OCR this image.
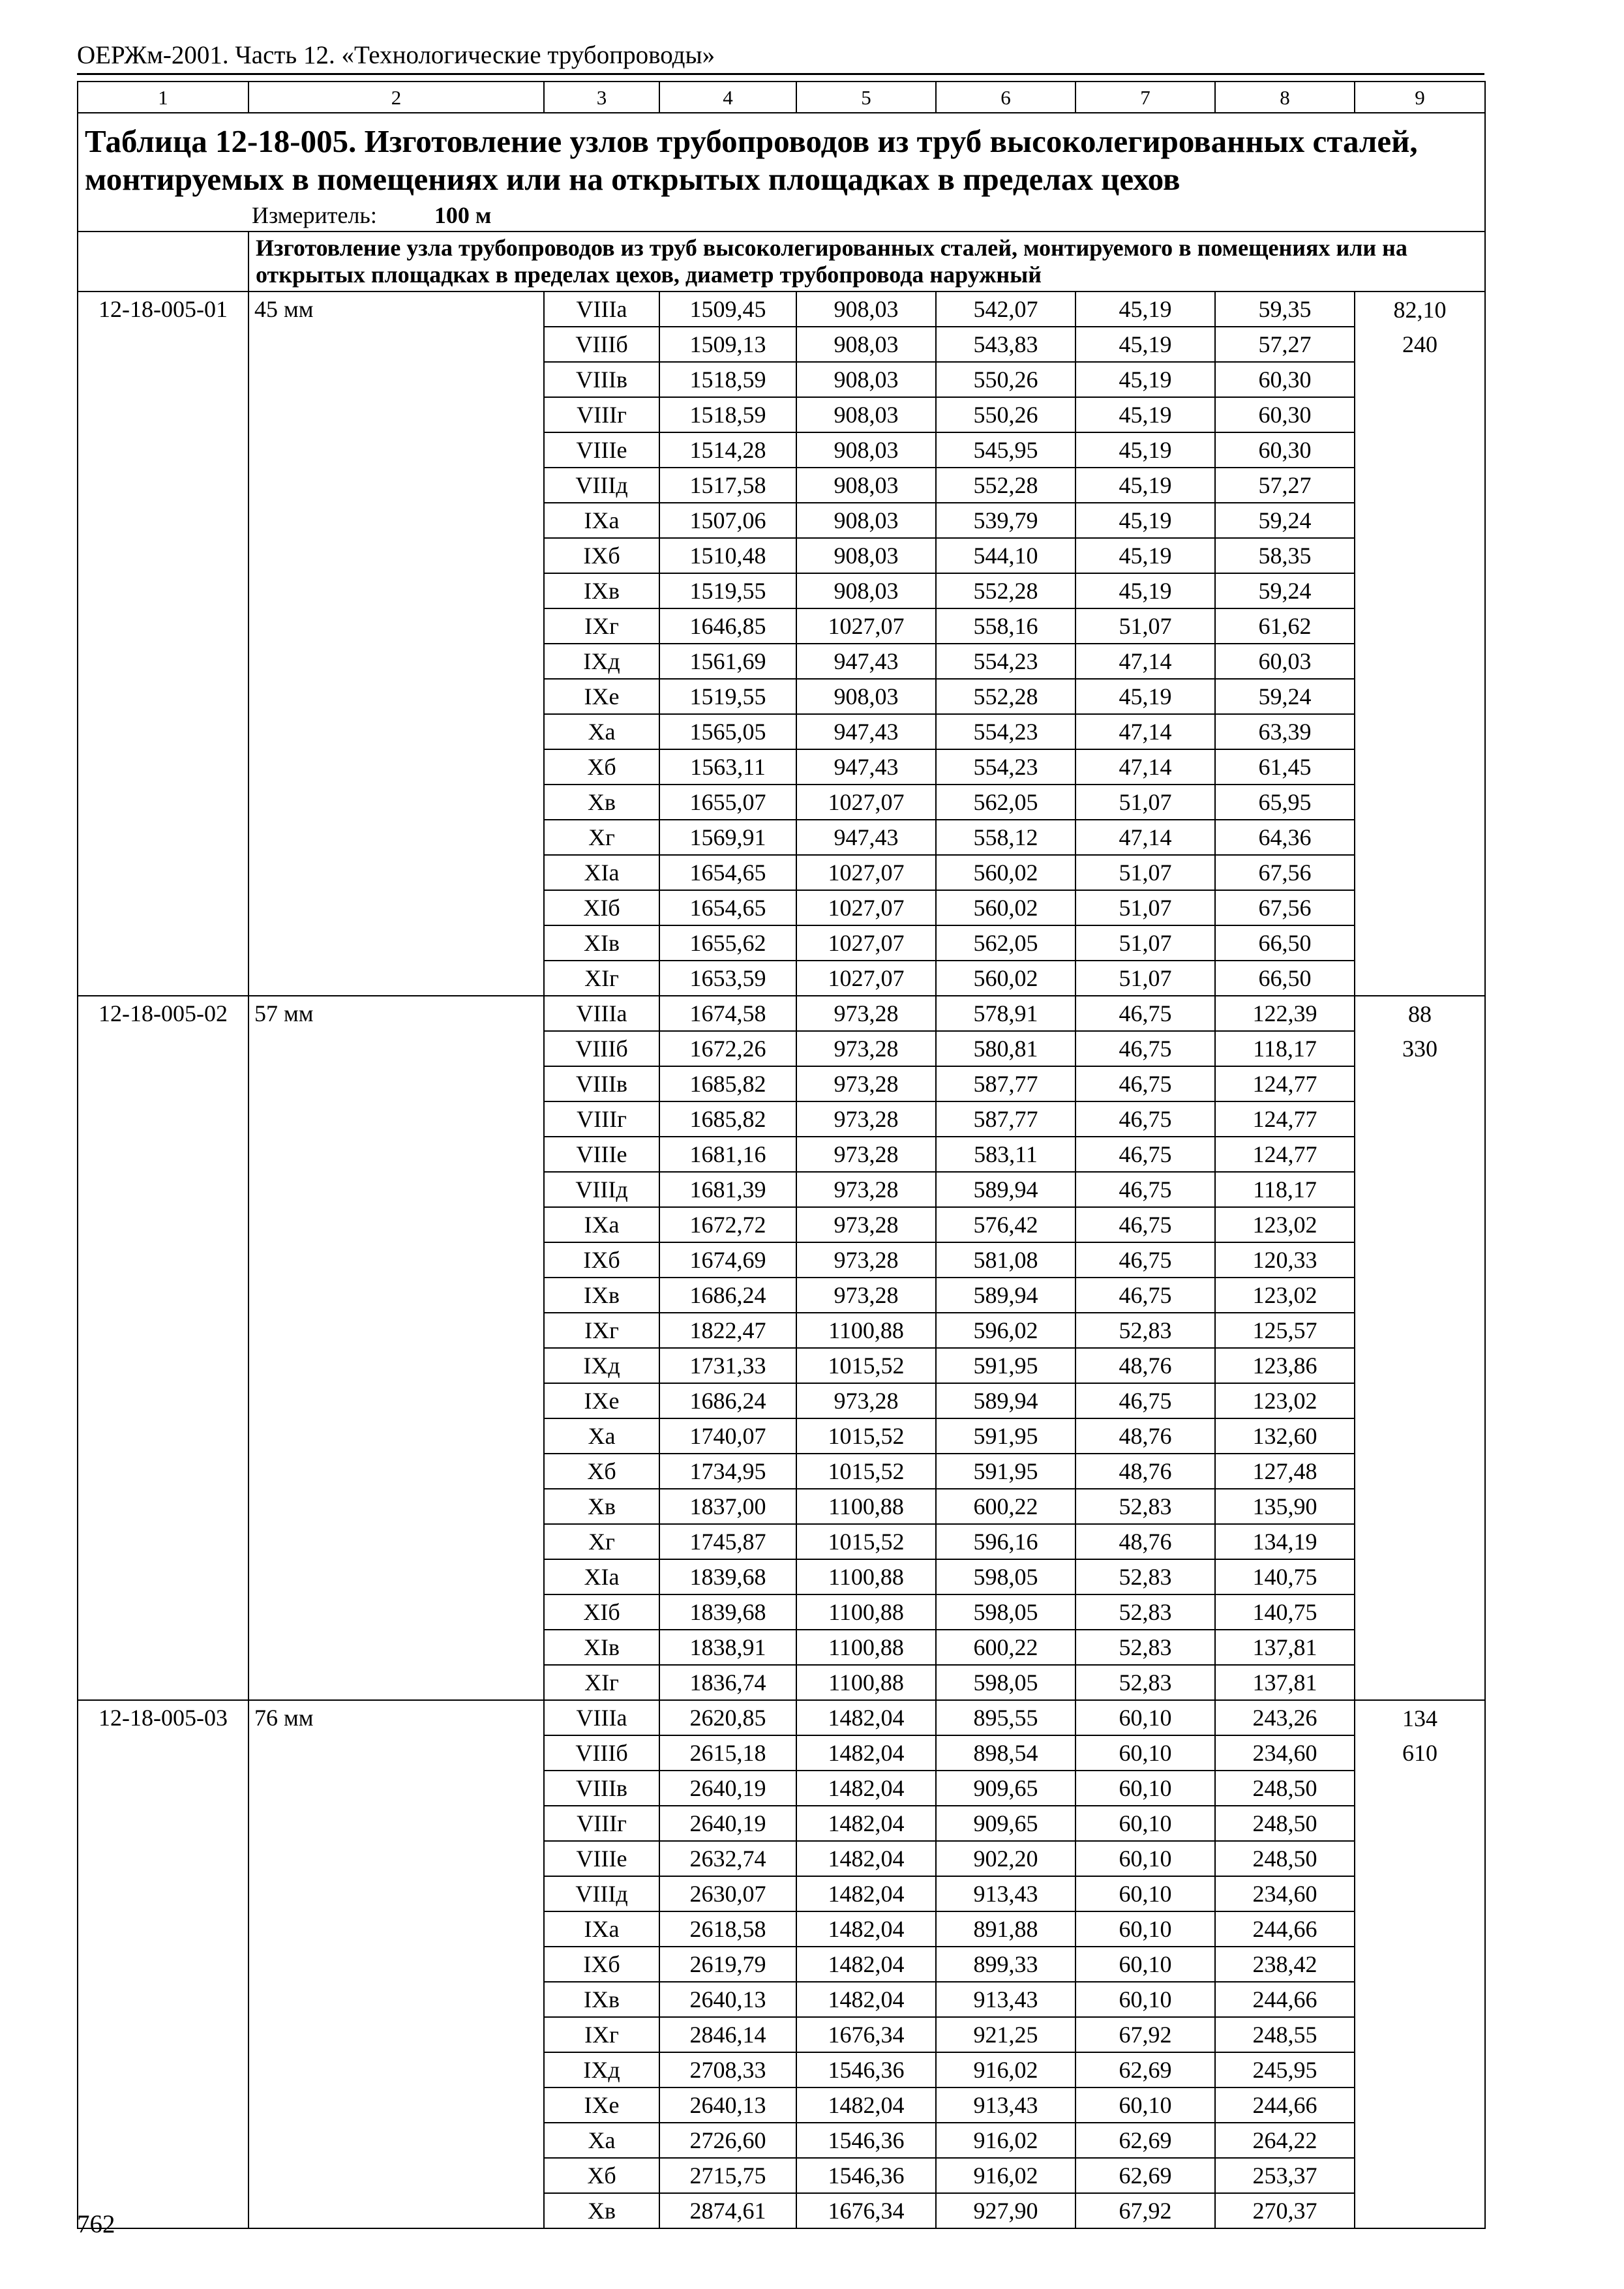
ОЕРЖм-2001. Часть 12. «Технологические трубопроводы»
1	2	3	4	5	6	7	8	9

Таблица 12-18-005. Изготовление узлов трубопроводов из труб высоколегированных сталей, монтируемых в помещениях или на открытых площадках в пределах цехов
Измеритель: 100 м								

	Изготовление узла трубопроводов из труб высоколегированных сталей, монтируемого в помещениях или на открытых площадках в пределах цехов, диаметр трубопровода наружный							
12-18-005-01	45 мм	VIIIа	1509,45	908,03	542,07	45,19	59,35	82,10
		VIIIб	1509,13	908,03	543,83	45,19	57,27	240
		VIIIв	1518,59	908,03	550,26	45,19	60,30	
		VIIIг	1518,59	908,03	550,26	45,19	60,30	
		VIIIе	1514,28	908,03	545,95	45,19	60,30	
		VIIIд	1517,58	908,03	552,28	45,19	57,27	
		IXа	1507,06	908,03	539,79	45,19	59,24	
		IXб	1510,48	908,03	544,10	45,19	58,35	
		IXв	1519,55	908,03	552,28	45,19	59,24	
		IXг	1646,85	1027,07	558,16	51,07	61,62	
		IXд	1561,69	947,43	554,23	47,14	60,03	
		IXе	1519,55	908,03	552,28	45,19	59,24	
		Xа	1565,05	947,43	554,23	47,14	63,39	
		Xб	1563,11	947,43	554,23	47,14	61,45	
		Xв	1655,07	1027,07	562,05	51,07	65,95	
		Xг	1569,91	947,43	558,12	47,14	64,36	
		XIа	1654,65	1027,07	560,02	51,07	67,56	
		XIб	1654,65	1027,07	560,02	51,07	67,56	
		XIв	1655,62	1027,07	562,05	51,07	66,50	
		XIг	1653,59	1027,07	560,02	51,07	66,50	
12-18-005-02	57 мм	VIIIа	1674,58	973,28	578,91	46,75	122,39	88
		VIIIб	1672,26	973,28	580,81	46,75	118,17	330
		VIIIв	1685,82	973,28	587,77	46,75	124,77	
		VIIIг	1685,82	973,28	587,77	46,75	124,77	
		VIIIе	1681,16	973,28	583,11	46,75	124,77	
		VIIIд	1681,39	973,28	589,94	46,75	118,17	
		IXа	1672,72	973,28	576,42	46,75	123,02	
		IXб	1674,69	973,28	581,08	46,75	120,33	
		IXв	1686,24	973,28	589,94	46,75	123,02	
		IXг	1822,47	1100,88	596,02	52,83	125,57	
		IXд	1731,33	1015,52	591,95	48,76	123,86	
		IXе	1686,24	973,28	589,94	46,75	123,02	
		Xа	1740,07	1015,52	591,95	48,76	132,60	
		Xб	1734,95	1015,52	591,95	48,76	127,48	
		Xв	1837,00	1100,88	600,22	52,83	135,90	
		Xг	1745,87	1015,52	596,16	48,76	134,19	
		XIа	1839,68	1100,88	598,05	52,83	140,75	
		XIб	1839,68	1100,88	598,05	52,83	140,75	
		XIв	1838,91	1100,88	600,22	52,83	137,81	
		XIг	1836,74	1100,88	598,05	52,83	137,81	
12-18-005-03	76 мм	VIIIа	2620,85	1482,04	895,55	60,10	243,26	134
		VIIIб	2615,18	1482,04	898,54	60,10	234,60	610
		VIIIв	2640,19	1482,04	909,65	60,10	248,50	
		VIIIг	2640,19	1482,04	909,65	60,10	248,50	
		VIIIе	2632,74	1482,04	902,20	60,10	248,50	
		VIIIд	2630,07	1482,04	913,43	60,10	234,60	
		IXа	2618,58	1482,04	891,88	60,10	244,66	
		IXб	2619,79	1482,04	899,33	60,10	238,42	
		IXв	2640,13	1482,04	913,43	60,10	244,66	
		IXг	2846,14	1676,34	921,25	67,92	248,55	
		IXд	2708,33	1546,36	916,02	62,69	245,95	
		IXе	2640,13	1482,04	913,43	60,10	244,66	
		Xа	2726,60	1546,36	916,02	62,69	264,22	
		Xб	2715,75	1546,36	916,02	62,69	253,37	
		Xв	2874,61	1676,34	927,90	67,92	270,37	
762
